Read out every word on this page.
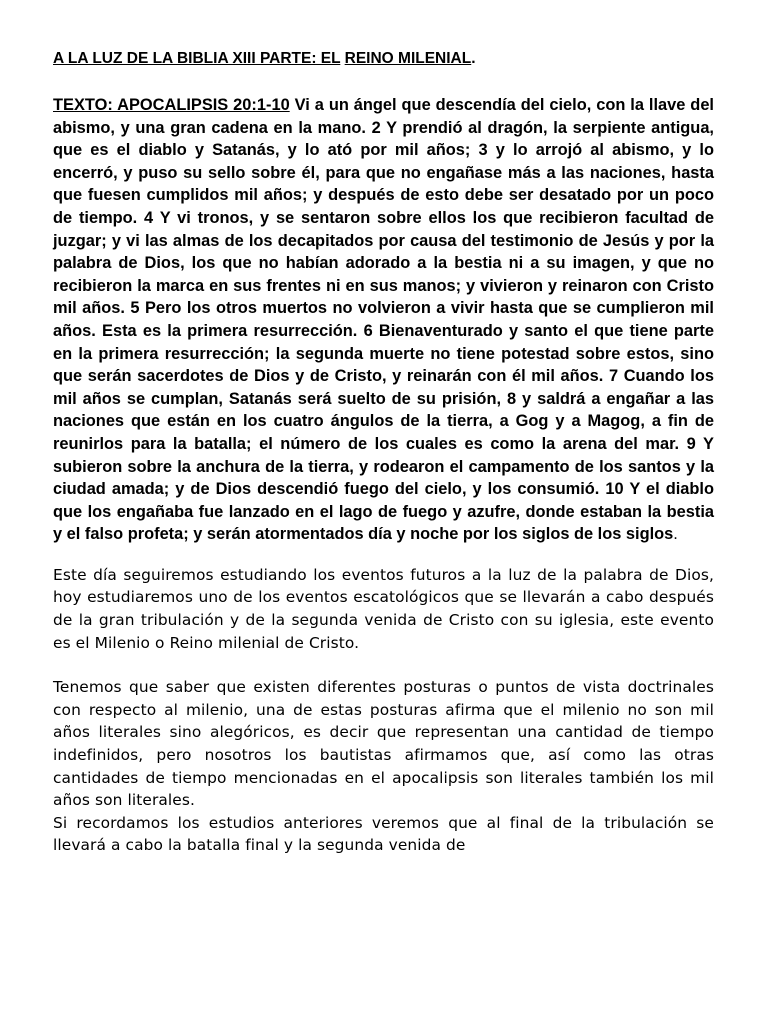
A LA LUZ DE LA BIBLIA XIII PARTE: EL REINO MILENIAL.

TEXTO: APOCALIPSIS 20:1-10 Vi a un ángel que descendía del cielo, con la llave del abismo, y una gran cadena en la mano. 2 Y prendió al dragón, la serpiente antigua, que es el diablo y Satanás, y lo ató por mil años; 3 y lo arrojó al abismo, y lo encerró, y puso su sello sobre él, para que no engañase más a las naciones, hasta que fuesen cumplidos mil años; y después de esto debe ser desatado por un poco de tiempo. 4 Y vi tronos, y se sentaron sobre ellos los que recibieron facultad de juzgar; y vi las almas de los decapitados por causa del testimonio de Jesús y por la palabra de Dios, los que no habían adorado a la bestia ni a su imagen, y que no recibieron la marca en sus frentes ni en sus manos; y vivieron y reinaron con Cristo mil años. 5 Pero los otros muertos no volvieron a vivir hasta que se cumplieron mil años. Esta es la primera resurrección. 6 Bienaventurado y santo el que tiene parte en la primera resurrección; la segunda muerte no tiene potestad sobre estos, sino que serán sacerdotes de Dios y de Cristo, y reinarán con él mil años. 7 Cuando los mil años se cumplan, Satanás será suelto de su prisión, 8 y saldrá a engañar a las naciones que están en los cuatro ángulos de la tierra, a Gog y a Magog, a fin de reunirlos para la batalla; el número de los cuales es como la arena del mar. 9 Y subieron sobre la anchura de la tierra, y rodearon el campamento de los santos y la ciudad amada; y de Dios descendió fuego del cielo, y los consumió. 10 Y el diablo que los engañaba fue lanzado en el lago de fuego y azufre, donde estaban la bestia y el falso profeta; y serán atormentados día y noche por los siglos de los siglos.

Este día seguiremos estudiando los eventos futuros a la luz de la palabra de Dios, hoy estudiaremos uno de los eventos escatológicos que se llevarán a cabo después de la gran tribulación y de la segunda venida de Cristo con su iglesia, este evento es el Milenio o Reino milenial de Cristo.

Tenemos que saber que existen diferentes posturas o puntos de vista doctrinales con respecto al milenio, una de estas posturas afirma que el milenio no son mil años literales sino alegóricos, es decir que representan una cantidad de tiempo indefinidos, pero nosotros los bautistas afirmamos que, así como las otras cantidades de tiempo mencionadas en el apocalipsis son literales también los mil años son literales.

Si recordamos los estudios anteriores veremos que al final de la tribulación se llevará a cabo la batalla final y la segunda venida de
